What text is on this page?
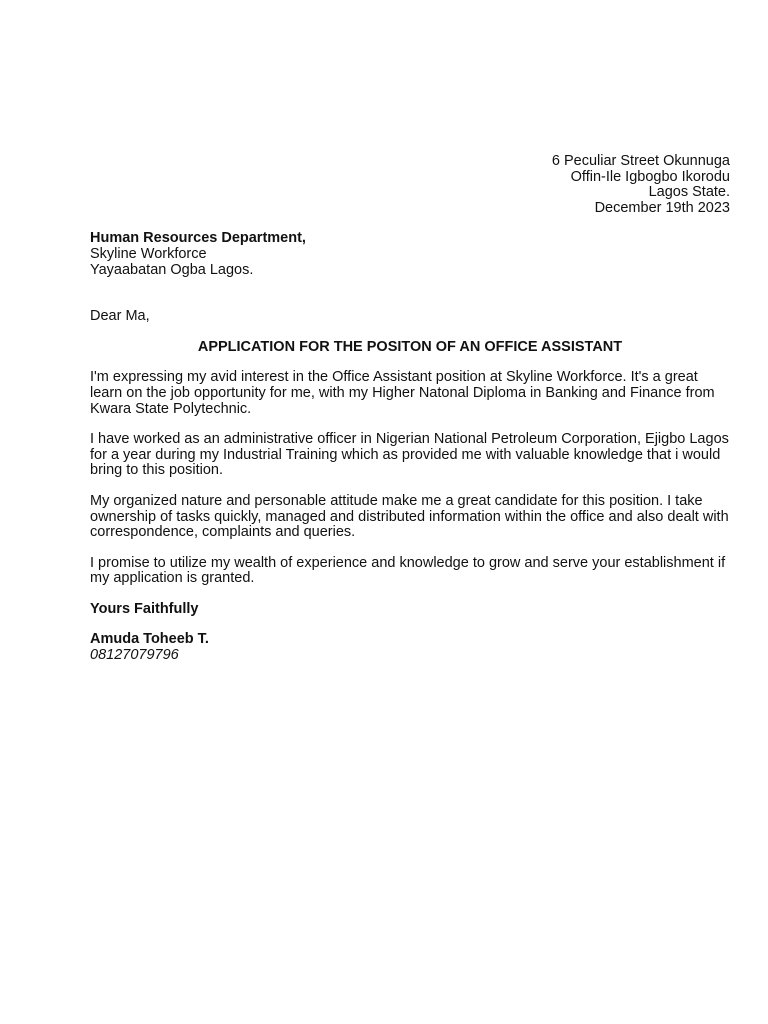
6 Peculiar Street Okunnuga
Offin-Ile Igbogbo Ikorodu
Lagos State.
December 19th 2023
Human Resources Department,
Skyline Workforce
Yayaabatan Ogba Lagos.
Dear Ma,
APPLICATION FOR THE POSITON OF AN OFFICE ASSISTANT
I'm expressing my avid interest in the Office Assistant position at Skyline Workforce. It's a great learn on the job opportunity for me, with my Higher Natonal Diploma in Banking and Finance from Kwara State Polytechnic.
I have worked as an administrative officer in Nigerian National Petroleum Corporation, Ejigbo Lagos for a year during my Industrial Training which as provided me with valuable knowledge that i would bring to this position.
My organized nature and personable attitude make me a great candidate for this position. I take ownership of tasks quickly, managed and distributed information within the office and also dealt with correspondence, complaints and queries.
I promise to utilize my wealth of experience and knowledge to grow and serve your establishment if my application is granted.
Yours Faithfully
Amuda Toheeb T.
08127079796
